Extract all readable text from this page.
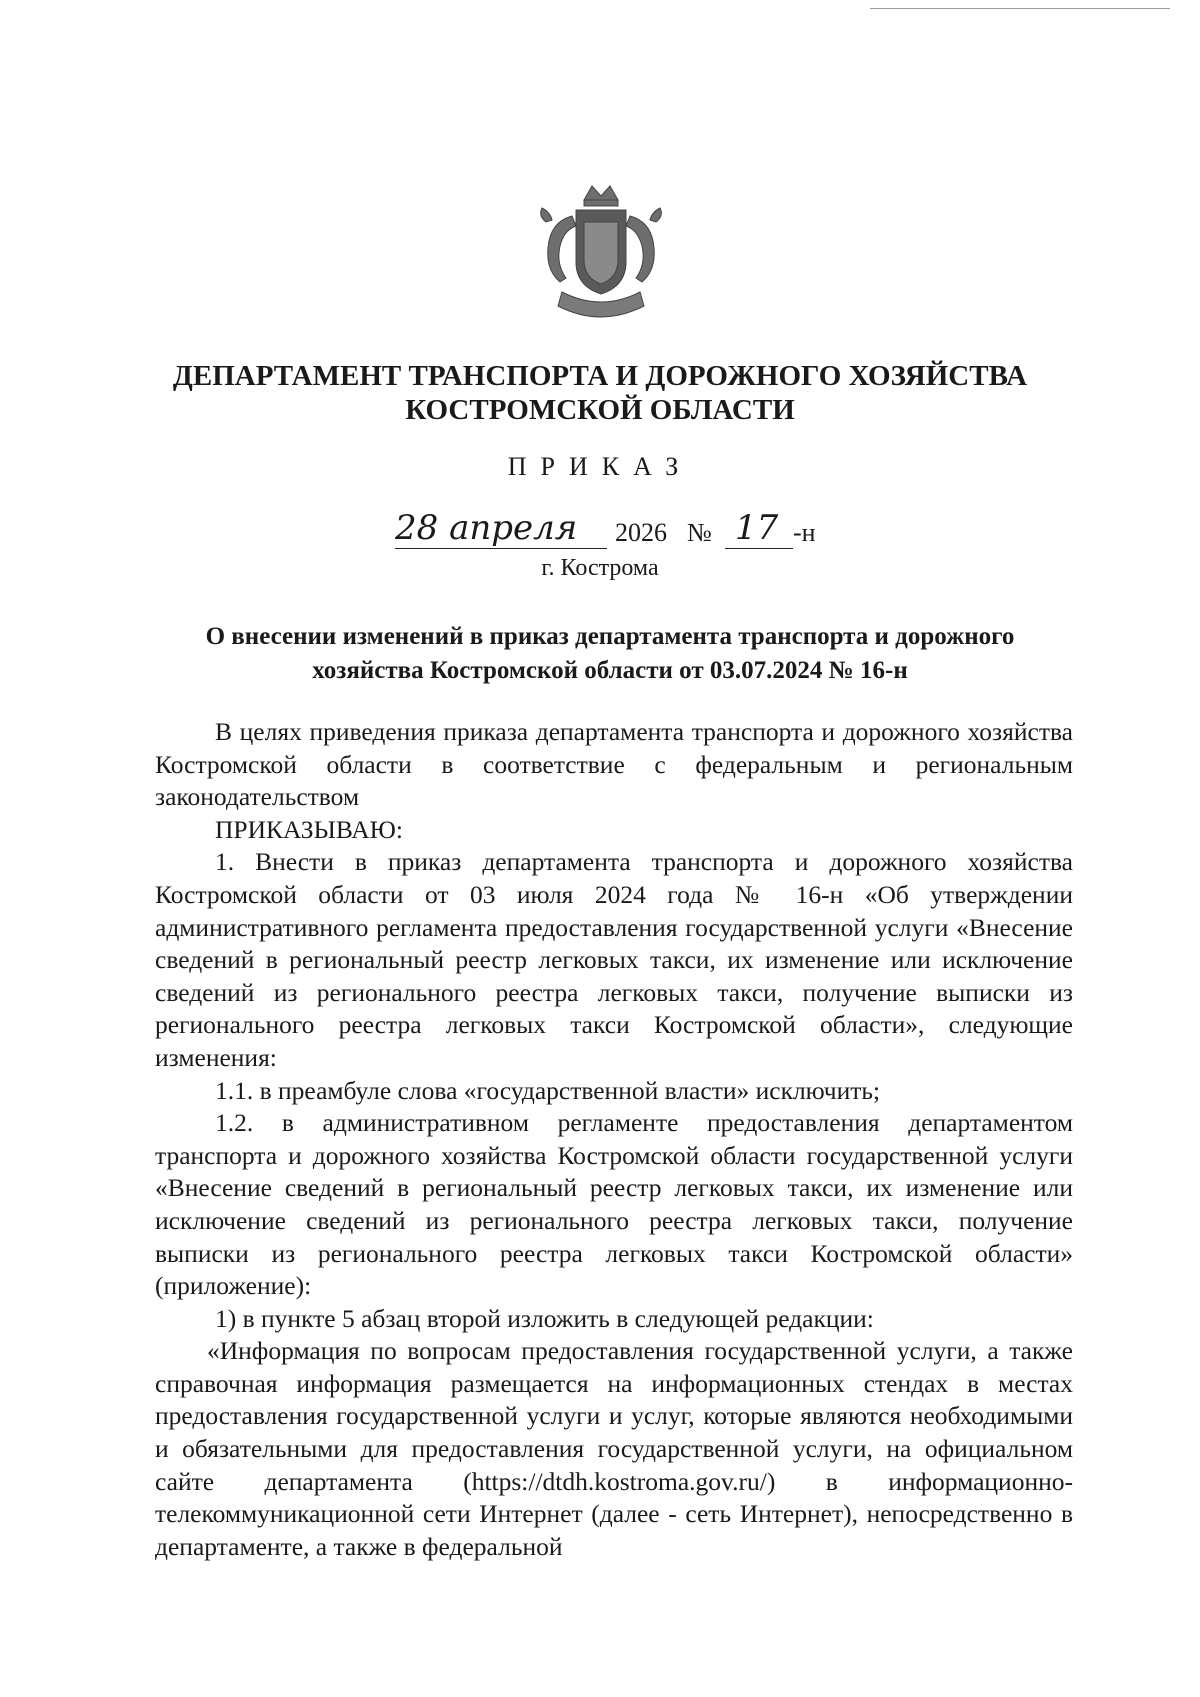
ДЕПАРТАМЕНТ ТРАНСПОРТА И ДОРОЖНОГО ХОЗЯЙСТВА
КОСТРОМСКОЙ ОБЛАСТИ
ПРИКАЗ
28 апреля 2026 № 17 -н
г. Кострома
О внесении изменений в приказ департамента транспорта и дорожного
хозяйства Костромской области от 03.07.2024 № 16-н

В целях приведения приказа департамента транспорта и дорожного хозяйства Костромской области в соответствие с федеральным и региональным законодательством

ПРИКАЗЫВАЮ:

1. Внести в приказ департамента транспорта и дорожного хозяйства Костромской области от 03 июля 2024 года № 16-н «Об утверждении административного регламента предоставления государственной услуги «Внесение сведений в региональный реестр легковых такси, их изменение или исключение сведений из регионального реестра легковых такси, получение выписки из регионального реестра легковых такси Костромской области», следующие изменения:

1.1. в преамбуле слова «государственной власти» исключить;

1.2. в административном регламенте предоставления департаментом транспорта и дорожного хозяйства Костромской области государственной услуги «Внесение сведений в региональный реестр легковых такси, их изменение или исключение сведений из регионального реестра легковых такси, получение выписки из регионального реестра легковых такси Костромской области» (приложение):

1) в пункте 5 абзац второй изложить в следующей редакции:

«Информация по вопросам предоставления государственной услуги, а также справочная информация размещается на информационных стендах в местах предоставления государственной услуги и услуг, которые являются необходимыми и обязательными для предоставления государственной услуги, на официальном сайте департамента (https://dtdh.kostroma.gov.ru/) в информационно-телекоммуникационной сети Интернет (далее - сеть Интернет), непосредственно в департаменте, а также в федеральной
